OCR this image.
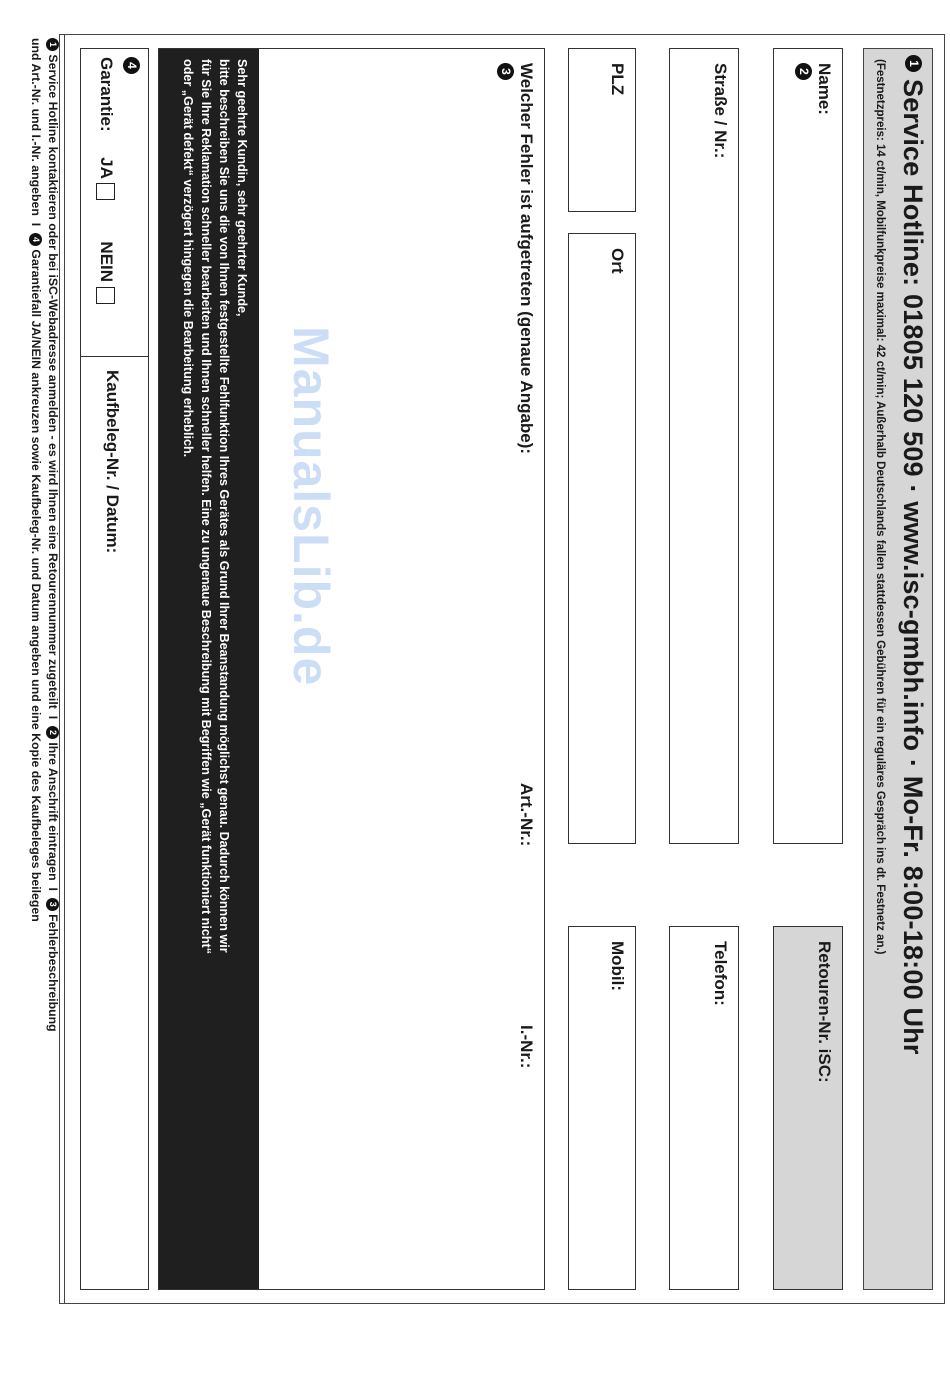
1
Service Hotline: 01805 120 509 · www.isc-gmbh.info · Mo-Fr. 8:00-18:00 Uhr
(Festnetzpreis: 14 ct/min, Mobilfunkpreise maximal: 42 ct/min; Außerhalb Deutschlands fallen stattdessen Gebühren für ein reguläres Gespräch ins dt. Festnetz an.)
Name:
2
Retouren-Nr. iSC:
Straße / Nr.:
Telefon:
PLZ
Ort
Mobil:
Welcher Fehler ist aufgetreten (genaue Angabe):
3
Art.-Nr.:
I.-Nr.:
Sehr geehrte Kundin, sehr geehrter Kunde,
bitte beschreiben Sie uns die von Ihnen festgestellte Fehlfunktion Ihres Gerätes als Grund Ihrer Beanstandung möglichst genau. Dadurch können wir
für Sie Ihre Reklamation schneller bearbeiten und Ihnen schneller helfen. Eine zu ungenaue Beschreibung mit Begriffen wie „Gerät funktioniert nicht“
oder „Gerät defekt“ verzögert hingegen die Bearbeitung erheblich.
4
Garantie:  JA   NEIN
Kaufbeleg-Nr. / Datum:
1 Service Hotline kontaktieren oder bei iSC-Webadresse anmelden - es wird Ihnen eine Retourennummer zugeteilt  I  2 Ihre Anschrift eintragen  I  3 Fehlerbeschreibung
und Art.-Nr. und I.-Nr. angeben  I  4 Garantiefall JA/NEIN ankreuzen sowie Kaufbeleg-Nr. und Datum angeben und eine Kopie des Kaufbeleges beilegen	ManualsLib.de
